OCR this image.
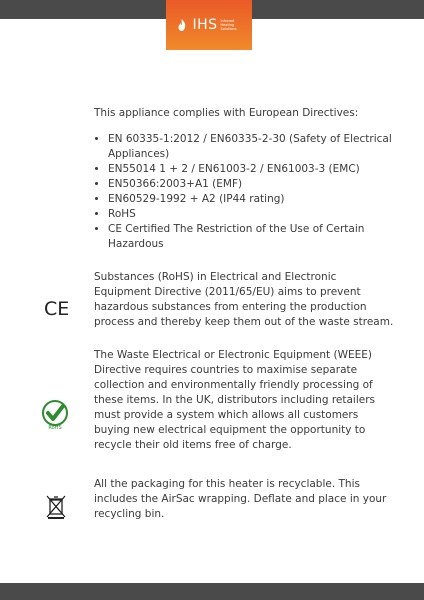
IHS Infrared Heating Solutions

This appliance complies with European Directives:

• EN 60335-1:2012 / EN60335-2-30 (Safety of Electrical Appliances)
• EN55014 1 + 2 / EN61003-2 / EN61003-3 (EMC)
• EN50366:2003+A1 (EMF)
• EN60529-1992 + A2 (IP44 rating)
• RoHS
• CE Certified The Restriction of the Use of Certain Hazardous

Substances (RoHS) in Electrical and Electronic Equipment Directive (2011/65/EU) aims to prevent hazardous substances from entering the production process and thereby keep them out of the waste stream.

The Waste Electrical or Electronic Equipment (WEEE) Directive requires countries to maximise separate collection and environmentally friendly processing of these items. In the UK, distributors including retailers must provide a system which allows all customers buying new electrical equipment the opportunity to recycle their old items free of charge.

All the packaging for this heater is recyclable. This includes the AirSac wrapping. Deflate and place in your recycling bin.

CE
RoHS
